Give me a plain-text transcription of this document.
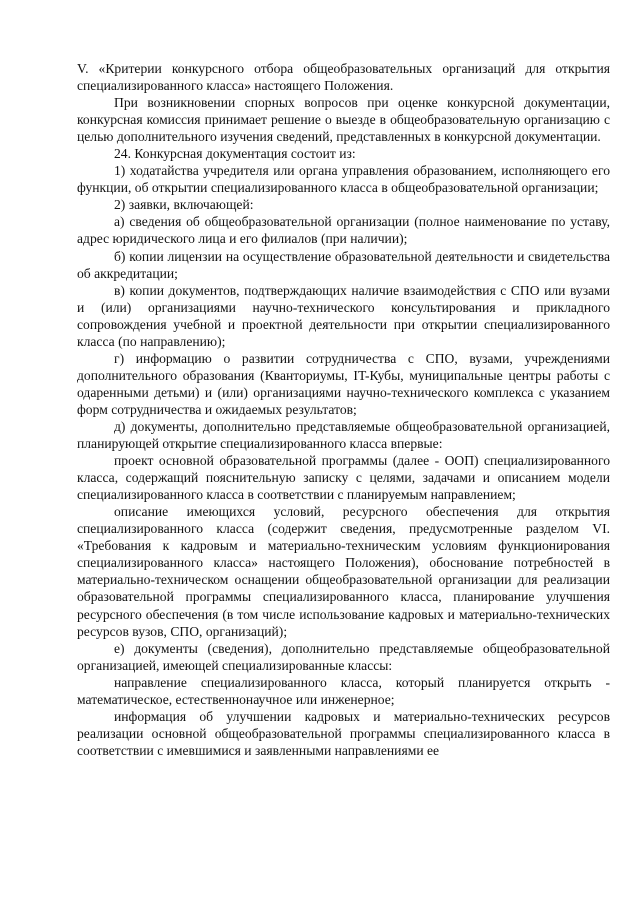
V. «Критерии конкурсного отбора общеобразовательных организаций для открытия специализированного класса» настоящего Положения.

При возникновении спорных вопросов при оценке конкурсной документации, конкурсная комиссия принимает решение о выезде в общеобразовательную организацию с целью дополнительного изучения сведений, представленных в конкурсной документации.

24. Конкурсная документация состоит из:

1) ходатайства учредителя или органа управления образованием, исполняющего его функции, об открытии специализированного класса в общеобразовательной организации;

2) заявки, включающей:

а) сведения об общеобразовательной организации (полное наименование по уставу, адрес юридического лица и его филиалов (при наличии);

б) копии лицензии на осуществление образовательной деятельности и свидетельства об аккредитации;

в) копии документов, подтверждающих наличие взаимодействия с СПО или вузами и (или) организациями научно-технического консультирования и прикладного сопровождения учебной и проектной деятельности при открытии специализированного класса (по направлению);

г) информацию о развитии сотрудничества с СПО, вузами, учреждениями дополнительного образования (Кванториумы, IT-Кубы, муниципальные центры работы с одаренными детьми) и (или) организациями научно-технического комплекса с указанием форм сотрудничества и ожидаемых результатов;

д) документы, дополнительно представляемые общеобразовательной организацией, планирующей открытие специализированного класса впервые:

проект основной образовательной программы (далее - ООП) специализированного класса, содержащий пояснительную записку с целями, задачами и описанием модели специализированного класса в соответствии с планируемым направлением;

описание имеющихся условий, ресурсного обеспечения для открытия специализированного класса (содержит сведения, предусмотренные разделом VI. «Требования к кадровым и материально-техническим условиям функционирования специализированного класса» настоящего Положения), обоснование потребностей в материально-техническом оснащении общеобразовательной организации для реализации образовательной программы специализированного класса, планирование улучшения ресурсного обеспечения (в том числе использование кадровых и материально-технических ресурсов вузов, СПО, организаций);

е) документы (сведения), дополнительно представляемые общеобразовательной организацией, имеющей специализированные классы:

направление специализированного класса, который планируется открыть - математическое, естественнонаучное или инженерное;

информация об улучшении кадровых и материально-технических ресурсов реализации основной общеобразовательной программы специализированного класса в соответствии с имевшимися и заявленными направлениями ее
